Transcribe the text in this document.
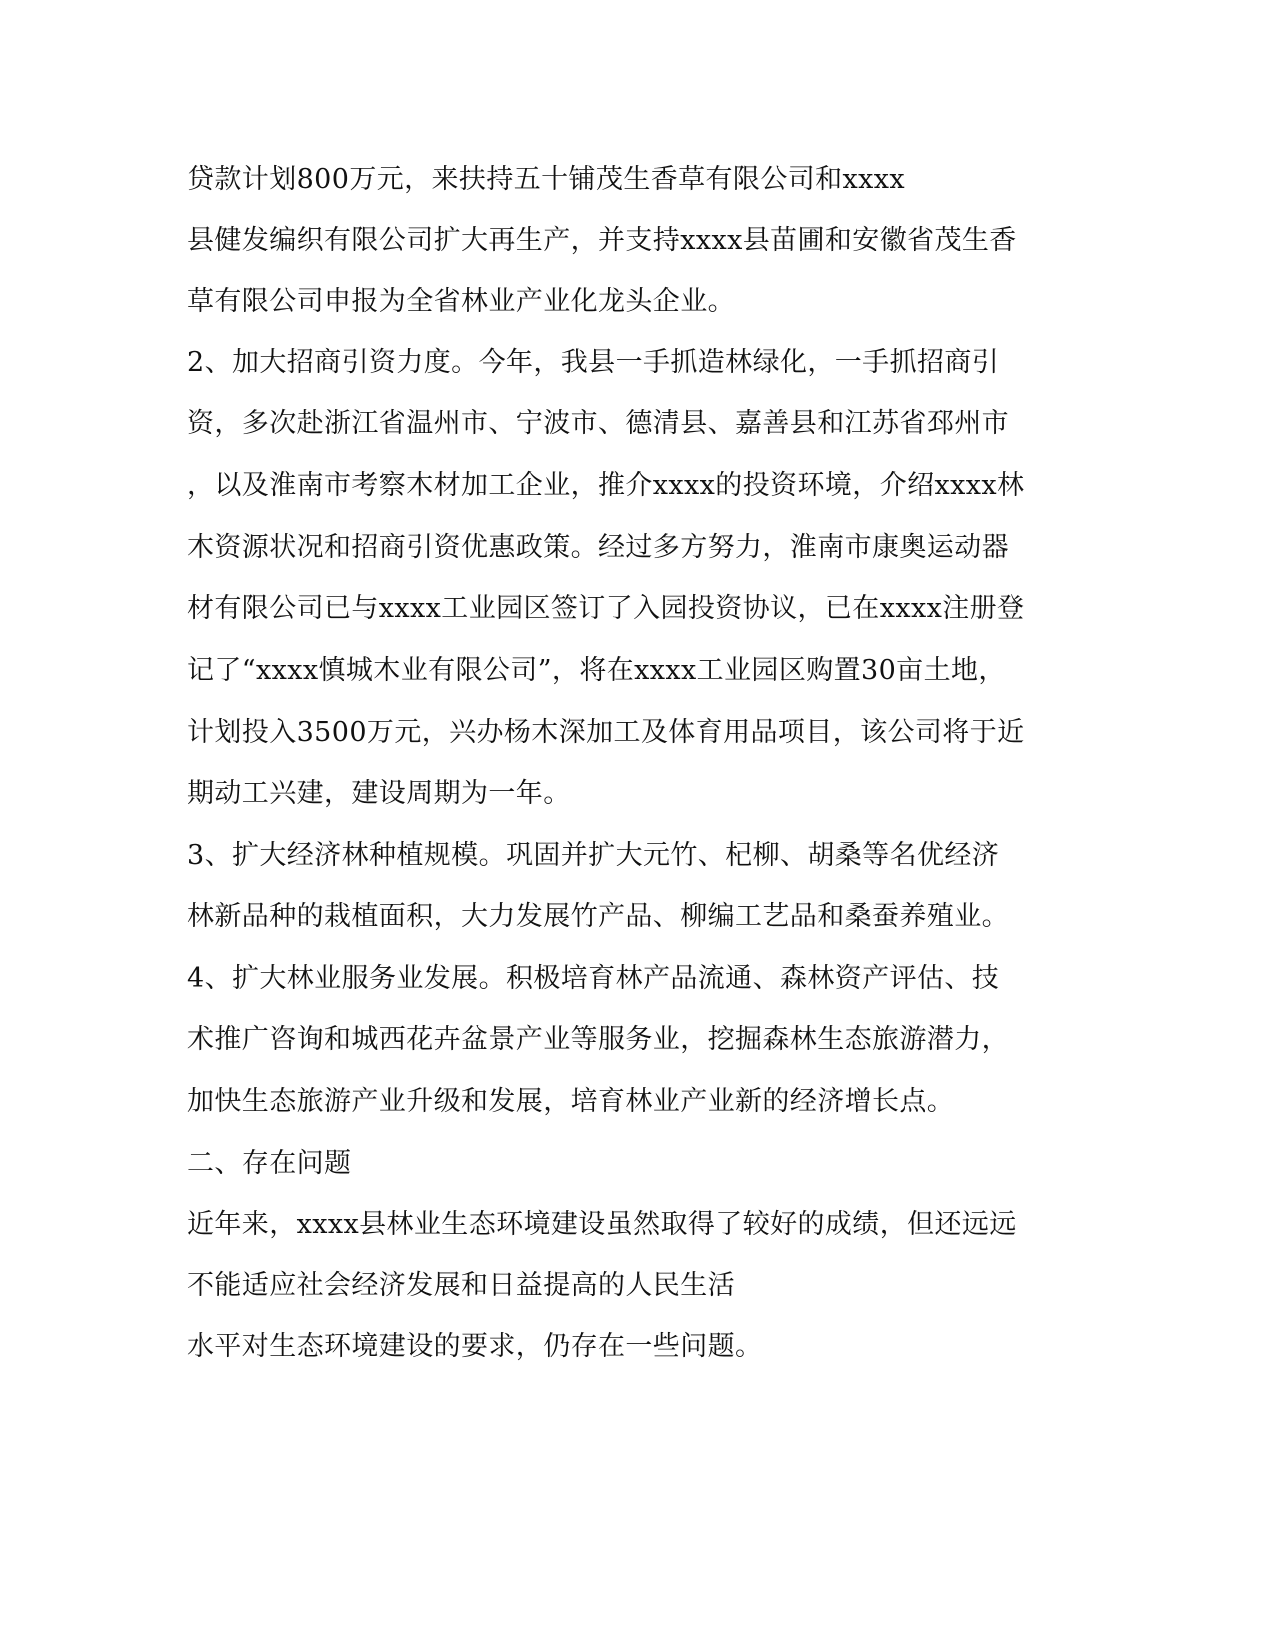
贷款计划800万元，来扶持五十铺茂生香草有限公司和xxxx
县健发编织有限公司扩大再生产，并支持xxxx县苗圃和安徽省茂生香
草有限公司申报为全省林业产业化龙头企业。
2、加大招商引资力度。今年，我县一手抓造林绿化，一手抓招商引
资，多次赴浙江省温州市、宁波市、德清县、嘉善县和江苏省邳州市
，以及淮南市考察木材加工企业，推介xxxx的投资环境，介绍xxxx林
木资源状况和招商引资优惠政策。经过多方努力，淮南市康奥运动器
材有限公司已与xxxx工业园区签订了入园投资协议，已在xxxx注册登
记了“xxxx慎城木业有限公司”，将在xxxx工业园区购置30亩土地，
计划投入3500万元，兴办杨木深加工及体育用品项目，该公司将于近
期动工兴建，建设周期为一年。
3、扩大经济林种植规模。巩固并扩大元竹、杞柳、胡桑等名优经济
林新品种的栽植面积，大力发展竹产品、柳编工艺品和桑蚕养殖业。
4、扩大林业服务业发展。积极培育林产品流通、森林资产评估、技
术推广咨询和城西花卉盆景产业等服务业，挖掘森林生态旅游潜力，
加快生态旅游产业升级和发展，培育林业产业新的经济增长点。
二、存在问题
近年来，xxxx县林业生态环境建设虽然取得了较好的成绩，但还远远
不能适应社会经济发展和日益提高的人民生活
水平对生态环境建设的要求，仍存在一些问题。
